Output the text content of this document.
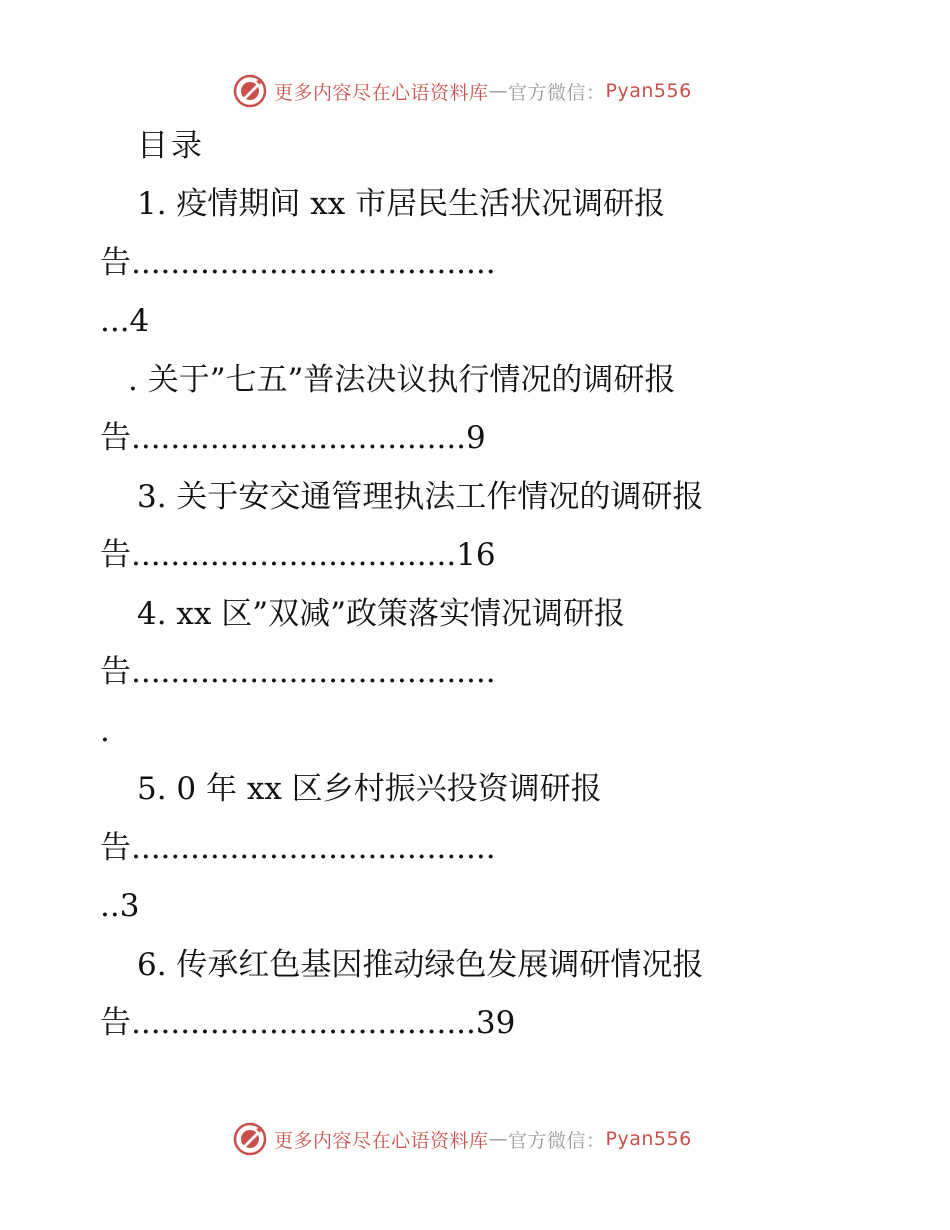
更多内容尽在心语资料库 — 官方微信： Pyan556
目录
1. 疫情期间 xx 市居民生活状况调研报
告.....................................
...4
. 关于”七五”普法决议执行情况的调研报
告..................................9
3. 关于安交通管理执法工作情况的调研报
告.................................16
4. xx 区”双减”政策落实情况调研报
告.....................................
.
5. 0 年 xx 区乡村振兴投资调研报
告.....................................
..3
6. 传承红色基因推动绿色发展调研情况报
告...................................39
更多内容尽在心语资料库 — 官方微信： Pyan556
